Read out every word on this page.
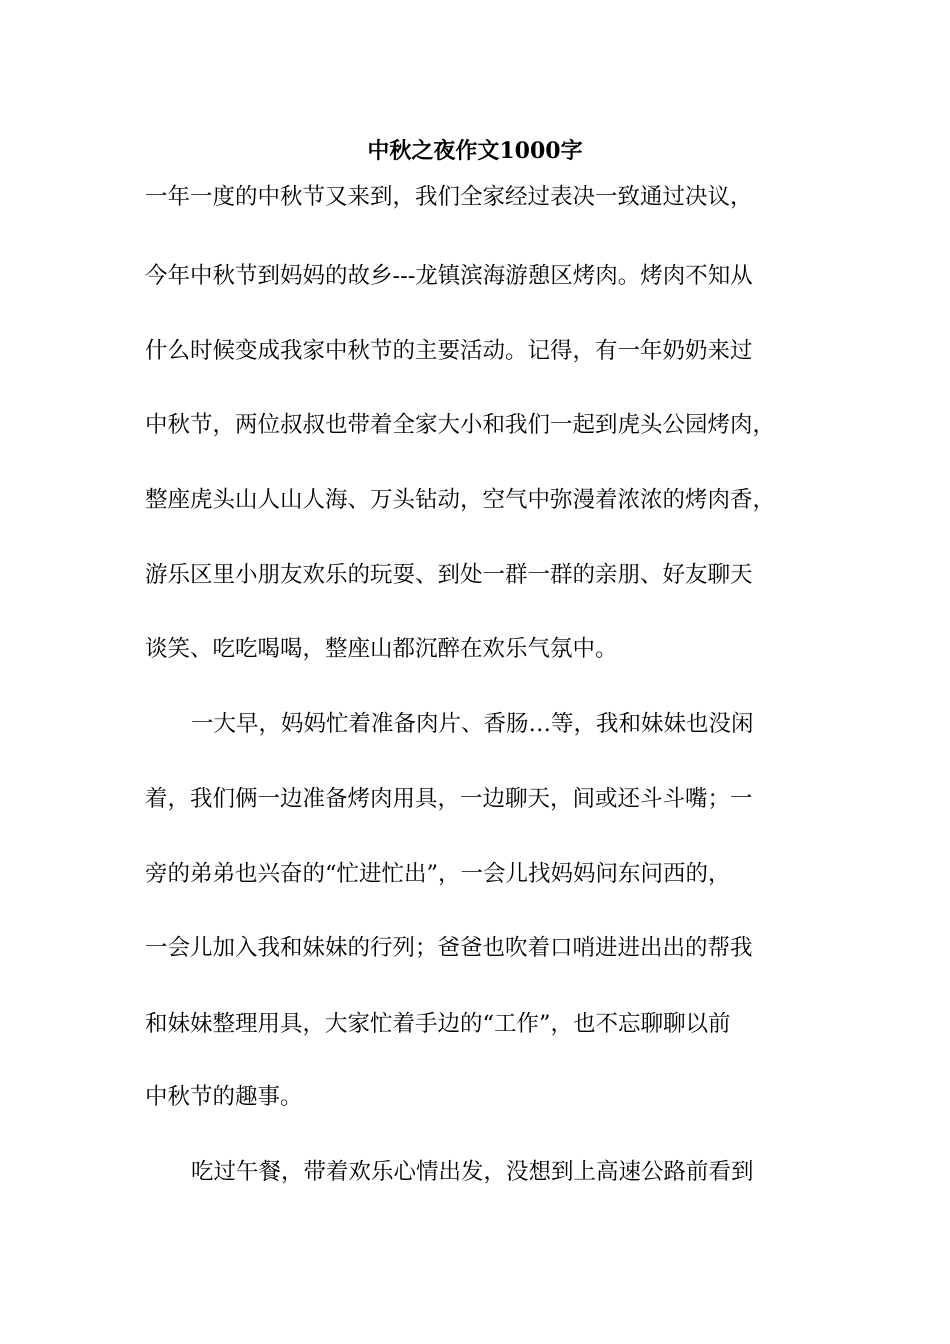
中秋之夜作文1000字
一年一度的中秋节又来到，我们全家经过表决一致通过决议，
今年中秋节到妈妈的故乡---龙镇滨海游憩区烤肉。烤肉不知从
什么时候变成我家中秋节的主要活动。记得，有一年奶奶来过
中秋节，两位叔叔也带着全家大小和我们一起到虎头公园烤肉，
整座虎头山人山人海、万头钻动，空气中弥漫着浓浓的烤肉香，
游乐区里小朋友欢乐的玩耍、到处一群一群的亲朋、好友聊天
谈笑、吃吃喝喝，整座山都沉醉在欢乐气氛中。
一大早，妈妈忙着准备肉片、香肠…等，我和妹妹也没闲
着，我们俩一边准备烤肉用具，一边聊天，间或还斗斗嘴；一
旁的弟弟也兴奋的“忙进忙出”，一会儿找妈妈问东问西的，
一会儿加入我和妹妹的行列；爸爸也吹着口哨进进出出的帮我
和妹妹整理用具，大家忙着手边的“工作”，也不忘聊聊以前
中秋节的趣事。
吃过午餐，带着欢乐心情出发，没想到上高速公路前看到
